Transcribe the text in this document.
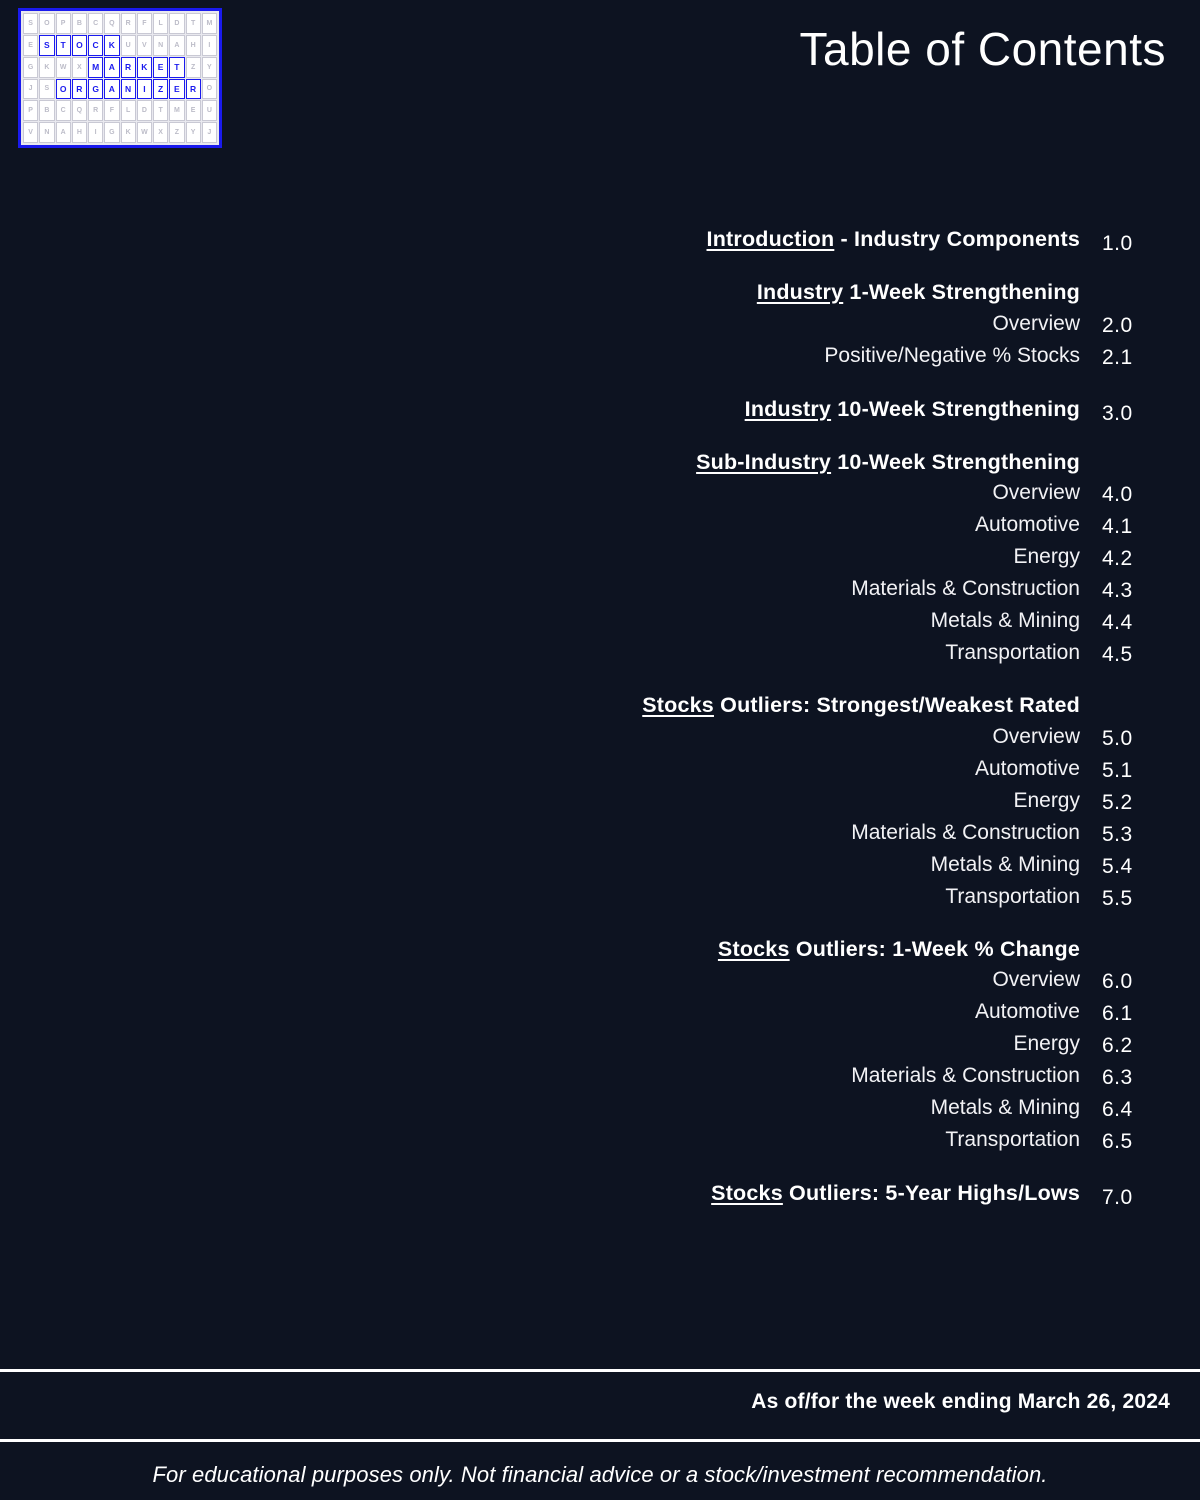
S	O	P	B	C	Q	R	F	L	D	T	M
E	S	T	O	C	K	U	V	N	A	H	I
G	K	W	X	M	A	R	K	E	T	Z	Y
J	S	O	R	G	A	N	I	Z	E	R	O
P	B	C	Q	R	F	L	D	T	M	E	U
V	N	A	H	I	G	K	W	X	Z	Y	J
Table of Contents
Introduction - Industry Components	1.0
Industry 1-Week Strengthening
Overview	2.0
Positive/Negative % Stocks	2.1
Industry 10-Week Strengthening	3.0
Sub-Industry 10-Week Strengthening
Overview	4.0
Automotive	4.1
Energy	4.2
Materials & Construction	4.3
Metals & Mining	4.4
Transportation	4.5
Stocks Outliers: Strongest/Weakest Rated
Overview	5.0
Automotive	5.1
Energy	5.2
Materials & Construction	5.3
Metals & Mining	5.4
Transportation	5.5
Stocks Outliers: 1-Week % Change
Overview	6.0
Automotive	6.1
Energy	6.2
Materials & Construction	6.3
Metals & Mining	6.4
Transportation	6.5
Stocks Outliers: 5-Year Highs/Lows	7.0
As of/for the week ending March 26, 2024
For educational purposes only. Not financial advice or a stock/investment recommendation.
